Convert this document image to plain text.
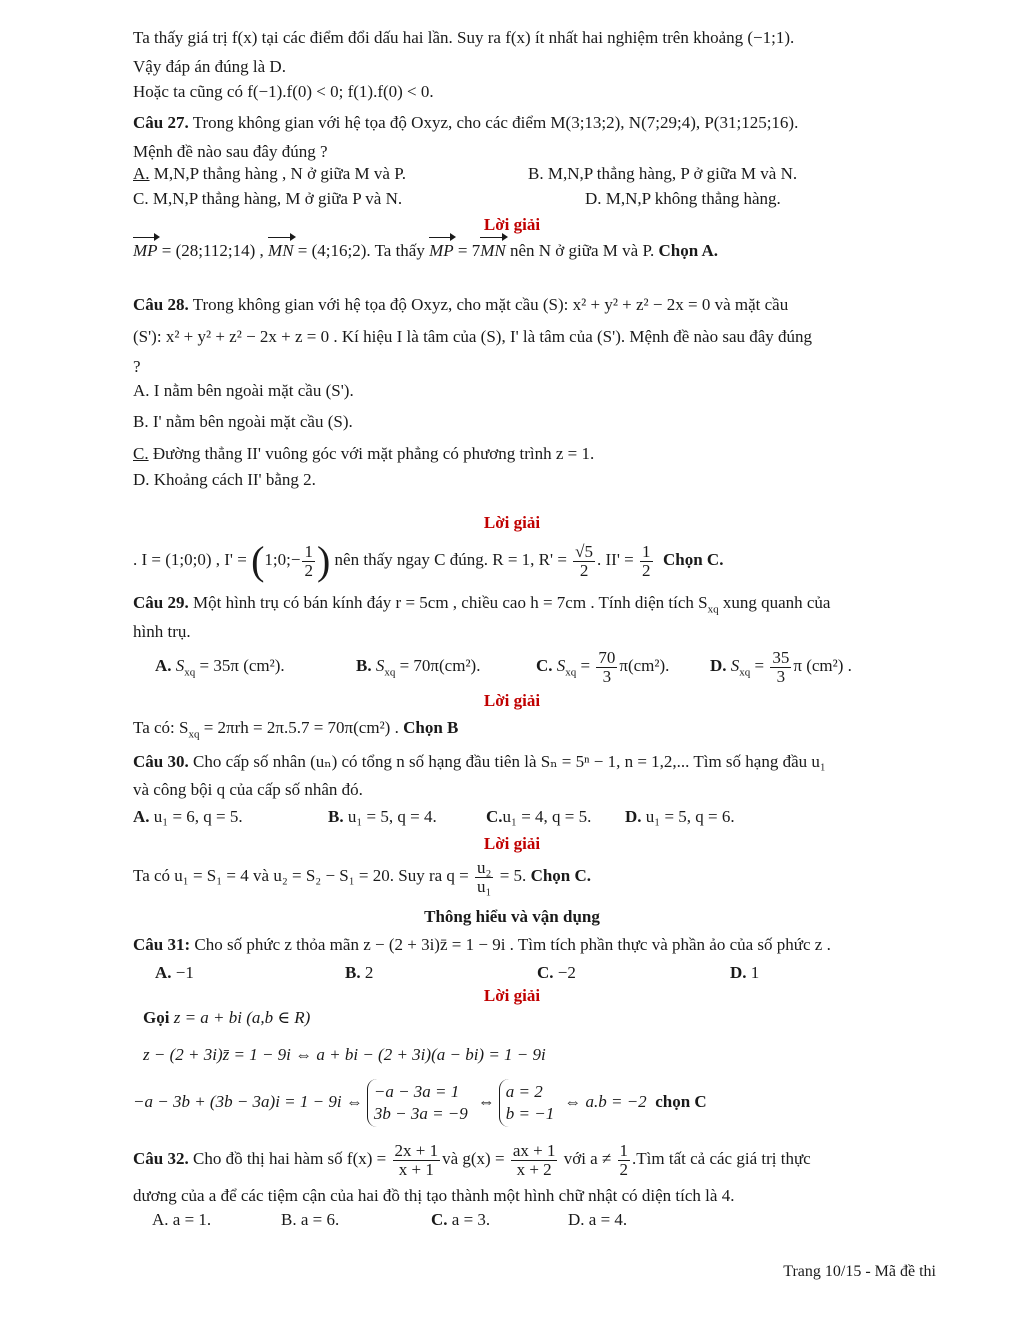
Ta thấy giá trị f(x) tại các điểm đổi dấu hai lần. Suy ra f(x) ít nhất hai nghiệm trên khoảng (−1;1).
Vậy đáp án đúng là D.
Hoặc ta cũng có f(−1).f(0) < 0; f(1).f(0) < 0.
Câu 27. Trong không gian với hệ tọa độ Oxyz, cho các điểm M(3;13;2), N(7;29;4), P(31;125;16).
Mệnh đề nào sau đây đúng ?
A. M,N,P thẳng hàng , N ở giữa M và P.	B. M,N,P thẳng hàng, P ở giữa M và N.
C. M,N,P thẳng hàng, M ở giữa P và N.	D. M,N,P không thẳng hàng.
Lời giải
MP = (28;112;14) , MN = (4;16;2). Ta thấy MP = 7MN nên N ở giữa M và P. Chọn A.
Câu 28. Trong không gian với hệ tọa độ Oxyz, cho mặt cầu (S): x² + y² + z² − 2x = 0 và mặt cầu
(S'): x² + y² + z² − 2x + z = 0 . Kí hiệu I là tâm của (S), I' là tâm của (S'). Mệnh đề nào sau đây đúng
?
A. I nằm bên ngoài mặt cầu (S').
B. I' nằm bên ngoài mặt cầu (S).
C. Đường thẳng II' vuông góc với mặt phẳng có phương trình z = 1.
D. Khoảng cách II' bằng 2.
Lời giải
. I = (1;0;0) , I' = (1;0;− $\frac{1}{2}$ ) nên thấy ngay C đúng. R = 1, $R' = \frac{√5}{2}$ . $II' = \frac{1}{2}$ Chọn C.
Câu 29. Một hình trụ có bán kính đáy r = 5cm , chiều cao h = 7cm . Tính diện tích $S_{xq}$ xung quanh của
hình trụ.
A. $S_{xq} = 35\pi$ (cm²).	B. $S_{xq} = 70\pi(cm^2)$.	C. $S_{xq} = \frac{70}{3} \pi(cm^2)$. D. $S_{xq} = \frac{35}{3}$ π (cm²) .
Lời giải
Ta có: $S_{xq} = 2\pi rh = 2\pi.5.7 = 70\pi(cm^2)$ . Chọn B
Câu 30. Cho cấp số nhân (uₙ) có tổng n số hạng đầu tiên là Sₙ = 5ⁿ − 1, n = 1,2,... Tìm số hạng đầu u₁
và công bội q của cấp số nhân đó.
A. u₁ = 6, q = 5.	B. u₁ = 5, q = 4.	C.u₁ = 4, q = 5. D. u₁ = 5, q = 6.
Lời giải
Ta có u₁ = S₁ = 4 và u₂ = S₂ − S₁ = 20. Suy ra $q = \frac{\text{u₂}}{\text{u₁}} = 5$. Chọn C.
Thông hiểu và vận dụng
Câu 31: Cho số phức z thỏa mãn z − (2 + 3i)z̄ = 1 − 9i . Tìm tích phần thực và phần ảo của số phức z .
A. −1	B. 2	C. −2	D. 1
Lời giải
Gọi z = a + bi (a,b ∈ R)
z − (2 + 3i)z̄ = 1 − 9i ⇔ a + bi − (2 + 3i)(a − bi) = 1 − 9i
−a − 3b + (3b − 3a)i = 1 − 9i ⇔
−a − 3a = 1
3b − 3a = −9
⇔
a = 2
b = −1
⇔ a.b = −2 chọn C
Câu 32. Cho đồ thị hai hàm số $f(x) = \frac{2x + 1}{x + 1}$ và $g(x) = \frac{ax + 1}{x + 2}$ với $a \ne \frac{1}{2}$ .Tìm tất cả các giá trị thực
dương của a để các tiệm cận của hai đồ thị tạo thành một hình chữ nhật có diện tích là 4.
A. a = 1.	B. a = 6.	C. a = 3.	D. a = 4.
Trang 10/15 - Mã đề thi
